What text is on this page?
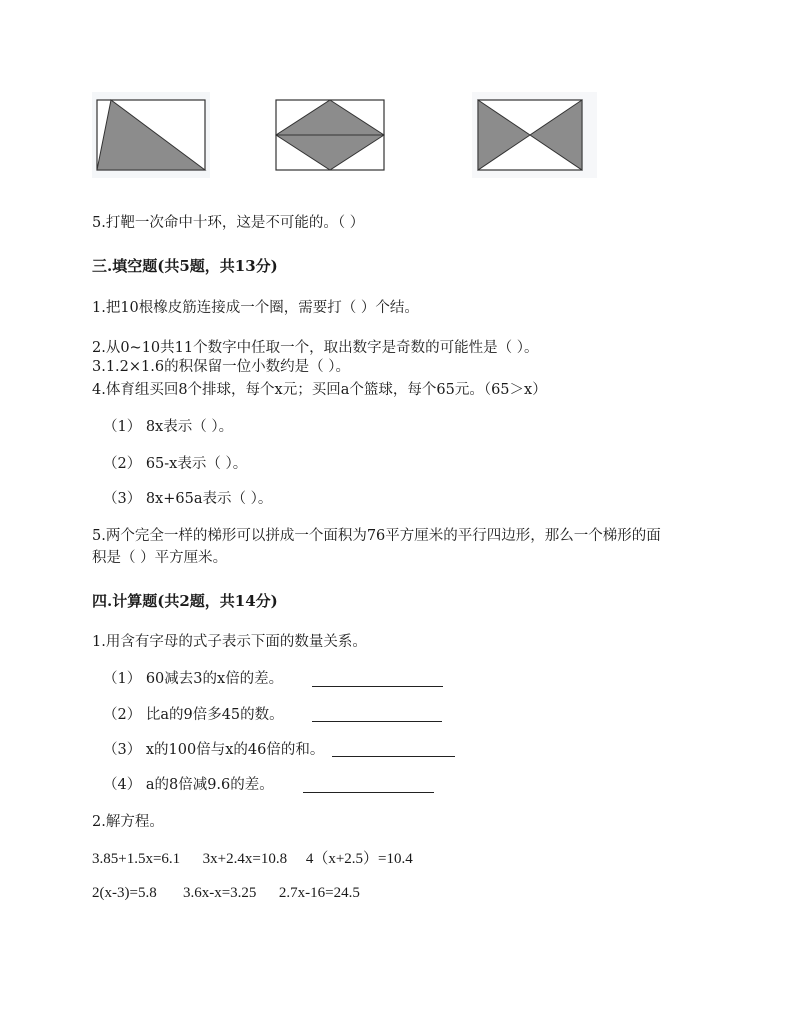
5.打靶一次命中十环，这是不可能的。（ ）
三.填空题(共5题，共13分)
1.把10根橡皮筋连接成一个圈，需要打（ ）个结。
2.从0~10共11个数字中任取一个，取出数字是奇数的可能性是（ ）。
3.1.2×1.6的积保留一位小数约是（ ）。
4.体育组买回8个排球，每个x元；买回a个篮球，每个65元。（65＞x）
（1） 8x表示（ ）。
（2） 65-x表示（ ）。
（3） 8x+65a表示（ ）。
5.两个完全一样的梯形可以拼成一个面积为76平方厘米的平行四边形，那么一个梯形的面
积是（ ）平方厘米。
四.计算题(共2题，共14分)
1.用含有字母的式子表示下面的数量关系。
（1） 60减去3的x倍的差。
（2） 比a的9倍多45的数。
（3） x的100倍与x的46倍的和。
（4） a的8倍减9.6的差。
2.解方程。
3.85+1.5x=6.1      3x+2.4x=10.8     4（x+2.5）=10.4
2(x-3)=5.8       3.6x-x=3.25      2.7x-16=24.5
